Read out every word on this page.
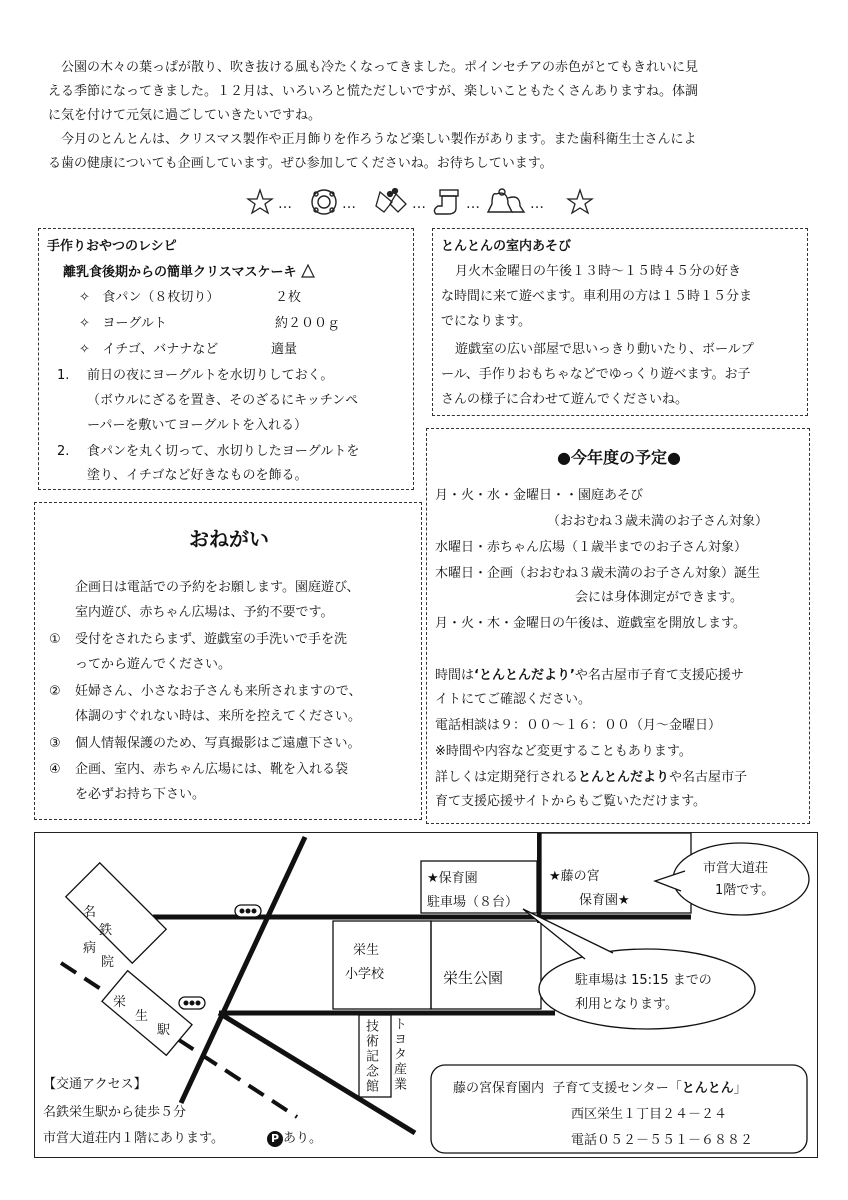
公園の木々の葉っぱが散り、吹き抜ける風も冷たくなってきました。ポインセチアの赤色がとてもきれいに見

える季節になってきました。１２月は、いろいろと慌ただしいですが、楽しいこともたくさんありますね。体調
に気を付けて元気に過ごしていきたいですね。

今月のとんとんは、クリスマス製作や正月飾りを作ろうなど楽しい製作があります。また歯科衛生士さんによ

る歯の健康についても企画しています。ぜひ参加してくださいね。お待ちしています。
…	…	…	…	…
手作りおやつのレシピ
離乳食後期からの簡単クリスマスケーキ
✧ 食パン（８枚切り）	２枚
✧ ヨーグルト	約２００ｇ
✧ イチゴ、バナナなど	適量
1. 前日の夜にヨーグルトを水切りしておく。
（ボウルにざるを置き、そのざるにキッチンペ
ーパーを敷いてヨーグルトを入れる）
2. 食パンを丸く切って、水切りしたヨーグルトを
塗り、イチゴなど好きなものを飾る。
とんとんの室内あそび
月火木金曜日の午後１３時～１５時４５分の好き
な時間に来て遊べます。車利用の方は１５時１５分ま
でになります。
遊戯室の広い部屋で思いっきり動いたり、ボールプ
ール、手作りおもちゃなどでゆっくり遊べます。お子
さんの様子に合わせて遊んでくださいね。
おねがい
企画日は電話での予約をお願します。園庭遊び、
室内遊び、赤ちゃん広場は、予約不要です。
① 受付をされたらまず、遊戯室の手洗いで手を洗
ってから遊んでください。
② 妊婦さん、小さなお子さんも来所されますので、
体調のすぐれない時は、来所を控えてください。
③ 個人情報保護のため、写真撮影はご遠慮下さい。
④ 企画、室内、赤ちゃん広場には、靴を入れる袋
を必ずお持ち下さい。
●今年度の予定●
月・火・水・金曜日・・園庭あそび
（おおむね３歳未満のお子さん対象）
水曜日・赤ちゃん広場（１歳半までのお子さん対象）
木曜日・企画（おおむね３歳未満のお子さん対象）誕生
会には身体測定ができます。
月・火・木・金曜日の午後は、遊戯室を開放します。
時間は‘とんとんだより’や名古屋市子育て支援応援サ
イトにてご確認ください。
電話相談は９：００～１６：００（月～金曜日）
※時間や内容など変更することもあります。
詳しくは定期発行されるとんとんだよりや名古屋市子
育て支援応援サイトからもご覧いただけます。
名
鉄
病
院
栄
生
駅
栄生
小学校	栄生公園
★保育園
駐車場（８台）
★藤の宮
保育園★
市営大道荘
1階です。
駐車場は 15:15 までの
利用となります。
技術記念館 トヨタ産業
【交通アクセス】
名鉄栄生駅から徒歩５分
市営大道荘内１階にあります。	P あり。
藤の宮保育園内 子育て支援センター「とんとん」
西区栄生１丁目２４－２４
電話０５２－５５１－６８８２
